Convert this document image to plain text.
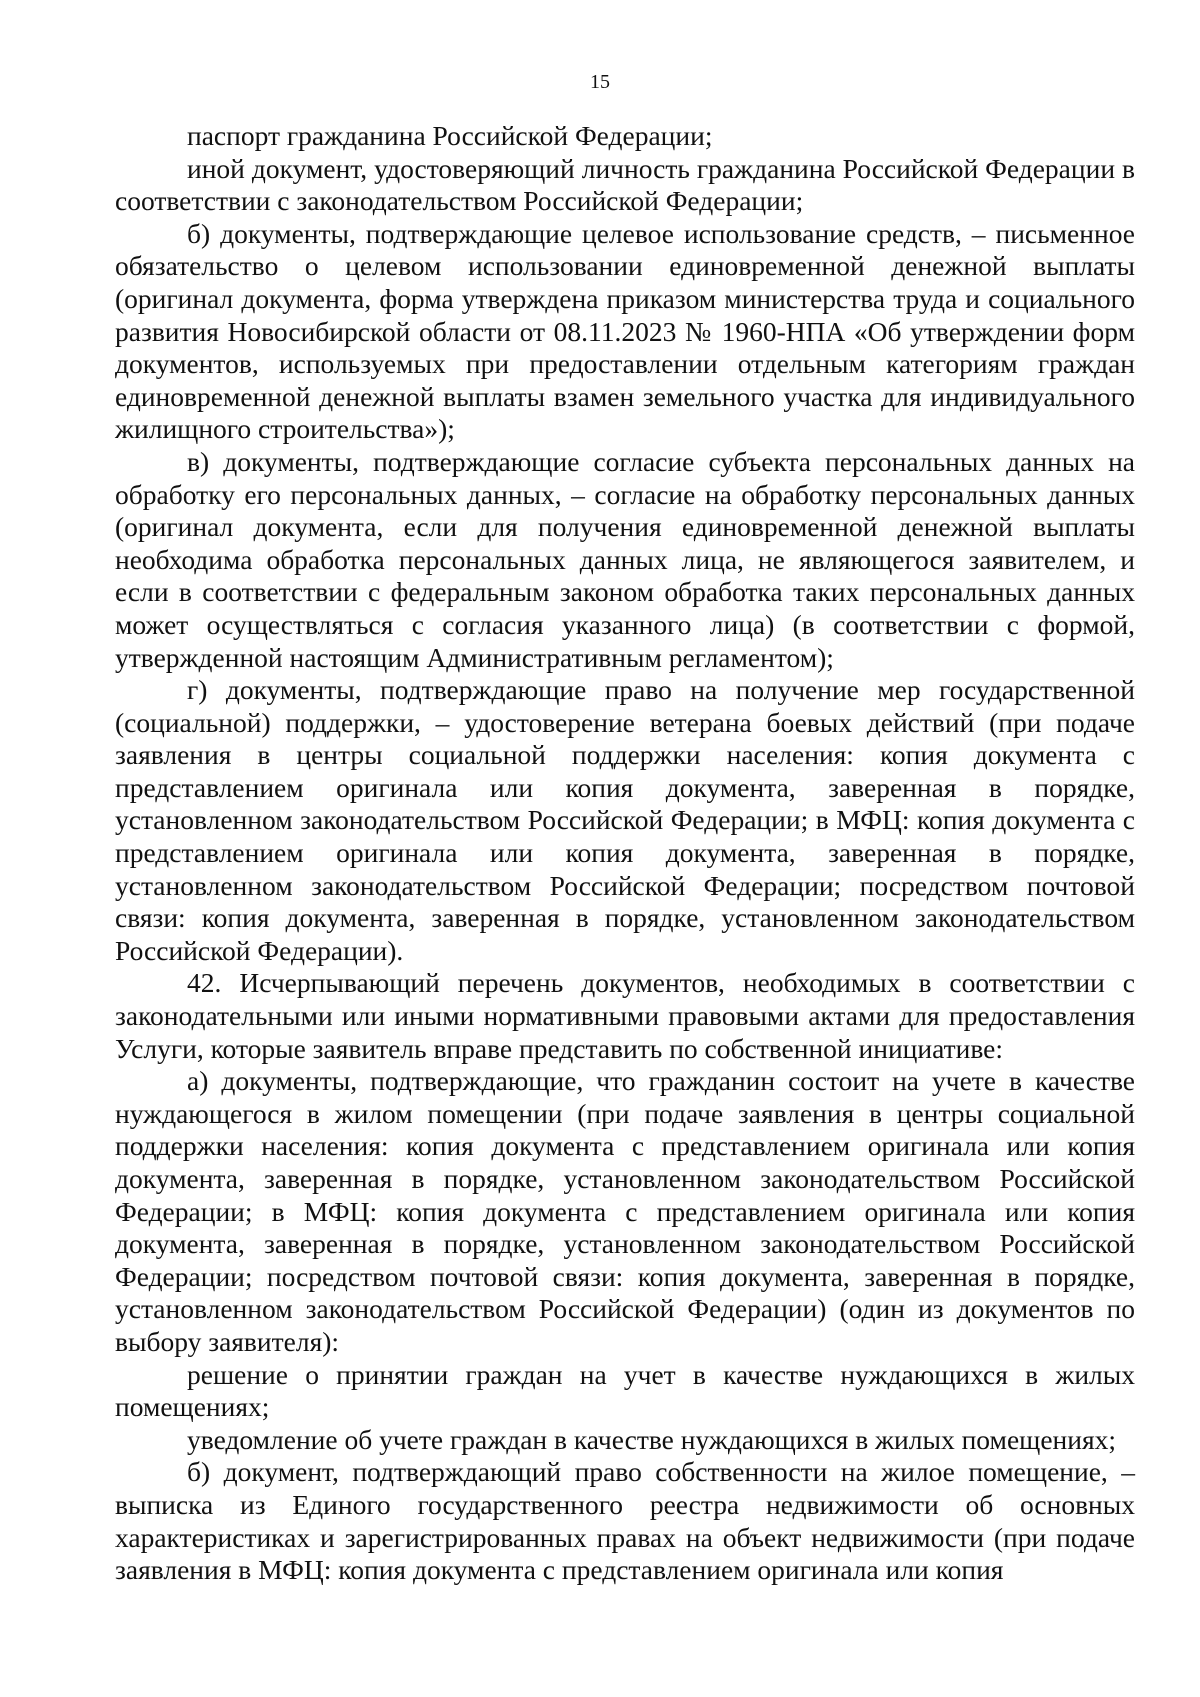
15

паспорт гражданина Российской Федерации;

иной документ, удостоверяющий личность гражданина Российской Федерации в соответствии с законодательством Российской Федерации;

б) документы, подтверждающие целевое использование средств, – письменное обязательство о целевом использовании единовременной денежной выплаты (оригинал документа, форма утверждена приказом министерства труда и социального развития Новосибирской области от 08.11.2023 № 1960-НПА «Об утверждении форм документов, используемых при предоставлении отдельным категориям граждан единовременной денежной выплаты взамен земельного участка для индивидуального жилищного строительства»);

в) документы, подтверждающие согласие субъекта персональных данных на обработку его персональных данных, – согласие на обработку персональных данных (оригинал документа, если для получения единовременной денежной выплаты необходима обработка персональных данных лица, не являющегося заявителем, и если в соответствии с федеральным законом обработка таких персональных данных может осуществляться с согласия указанного лица) (в соответствии с формой, утвержденной настоящим Административным регламентом);

г) документы, подтверждающие право на получение мер государственной (социальной) поддержки, – удостоверение ветерана боевых действий (при подаче заявления в центры социальной поддержки населения: копия документа с представлением оригинала или копия документа, заверенная в порядке, установленном законодательством Российской Федерации; в МФЦ: копия документа с представлением оригинала или копия документа, заверенная в порядке, установленном законодательством Российской Федерации; посредством почтовой связи: копия документа, заверенная в порядке, установленном законодательством Российской Федерации).

42. Исчерпывающий перечень документов, необходимых в соответствии с законодательными или иными нормативными правовыми актами для предоставления Услуги, которые заявитель вправе представить по собственной инициативе:

а) документы, подтверждающие, что гражданин состоит на учете в качестве нуждающегося в жилом помещении (при подаче заявления в центры социальной поддержки населения: копия документа с представлением оригинала или копия документа, заверенная в порядке, установленном законодательством Российской Федерации; в МФЦ: копия документа с представлением оригинала или копия документа, заверенная в порядке, установленном законодательством Российской Федерации; посредством почтовой связи: копия документа, заверенная в порядке, установленном законодательством Российской Федерации) (один из документов по выбору заявителя):

решение о принятии граждан на учет в качестве нуждающихся в жилых помещениях;

уведомление об учете граждан в качестве нуждающихся в жилых помещениях;

б) документ, подтверждающий право собственности на жилое помещение, – выписка из Единого государственного реестра недвижимости об основных характеристиках и зарегистрированных правах на объект недвижимости (при подаче заявления в МФЦ: копия документа с представлением оригинала или копия
